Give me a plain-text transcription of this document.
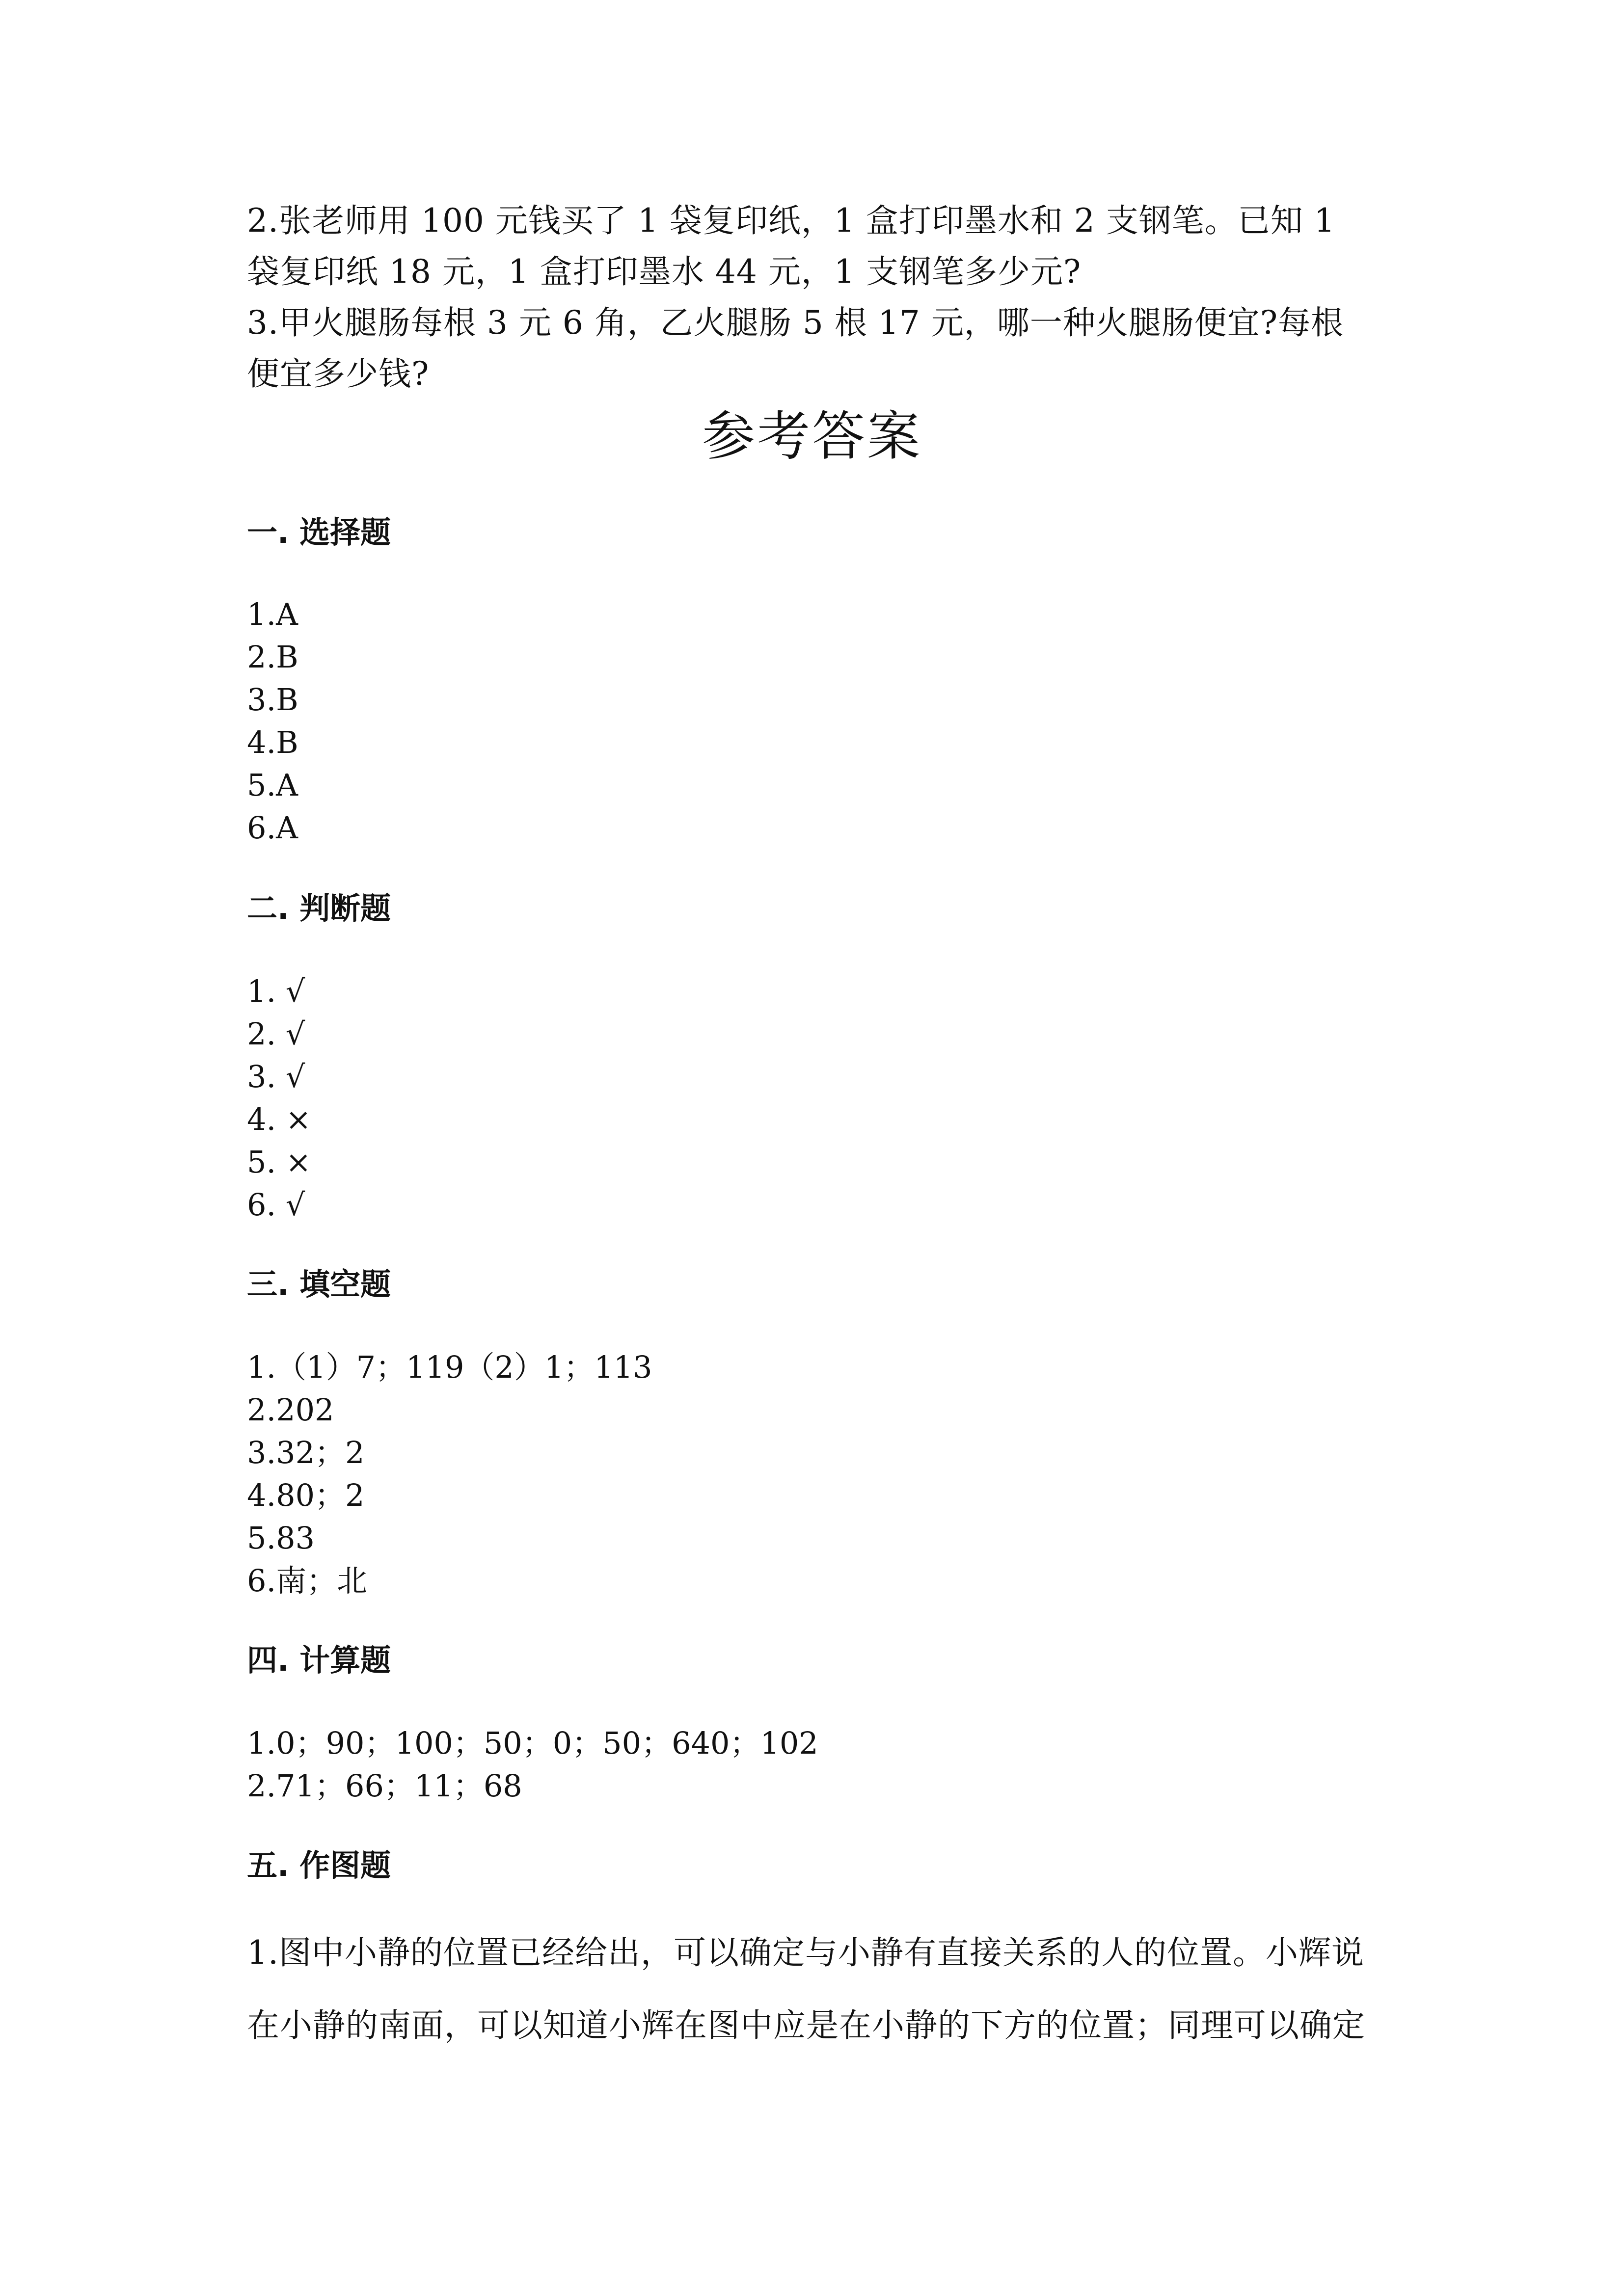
2.张老师用 100 元钱买了 1 袋复印纸，1 盒打印墨水和 2 支钢笔。已知 1 袋复印纸 18 元，1 盒打印墨水 44 元，1 支钢笔多少元?

3.甲火腿肠每根 3 元 6 角，乙火腿肠 5 根 17 元，哪一种火腿肠便宜?每根便宜多少钱?

参考答案
一. 选择题
1.A
2.B
3.B
4.B
5.A
6.A
二. 判断题
1. √
2. √
3. √
4. ×
5. ×
6. √
三. 填空题
1.（1）7；119（2）1；113
2.202
3.32；2
4.80；2
5.83
6.南；北
四. 计算题
1.0；90；100；50；0；50；640；102
2.71；66；11；68
五. 作图题

1.图中小静的位置已经给出，可以确定与小静有直接关系的人的位置。小辉说在小静的南面，可以知道小辉在图中应是在小静的下方的位置；同理可以确定
